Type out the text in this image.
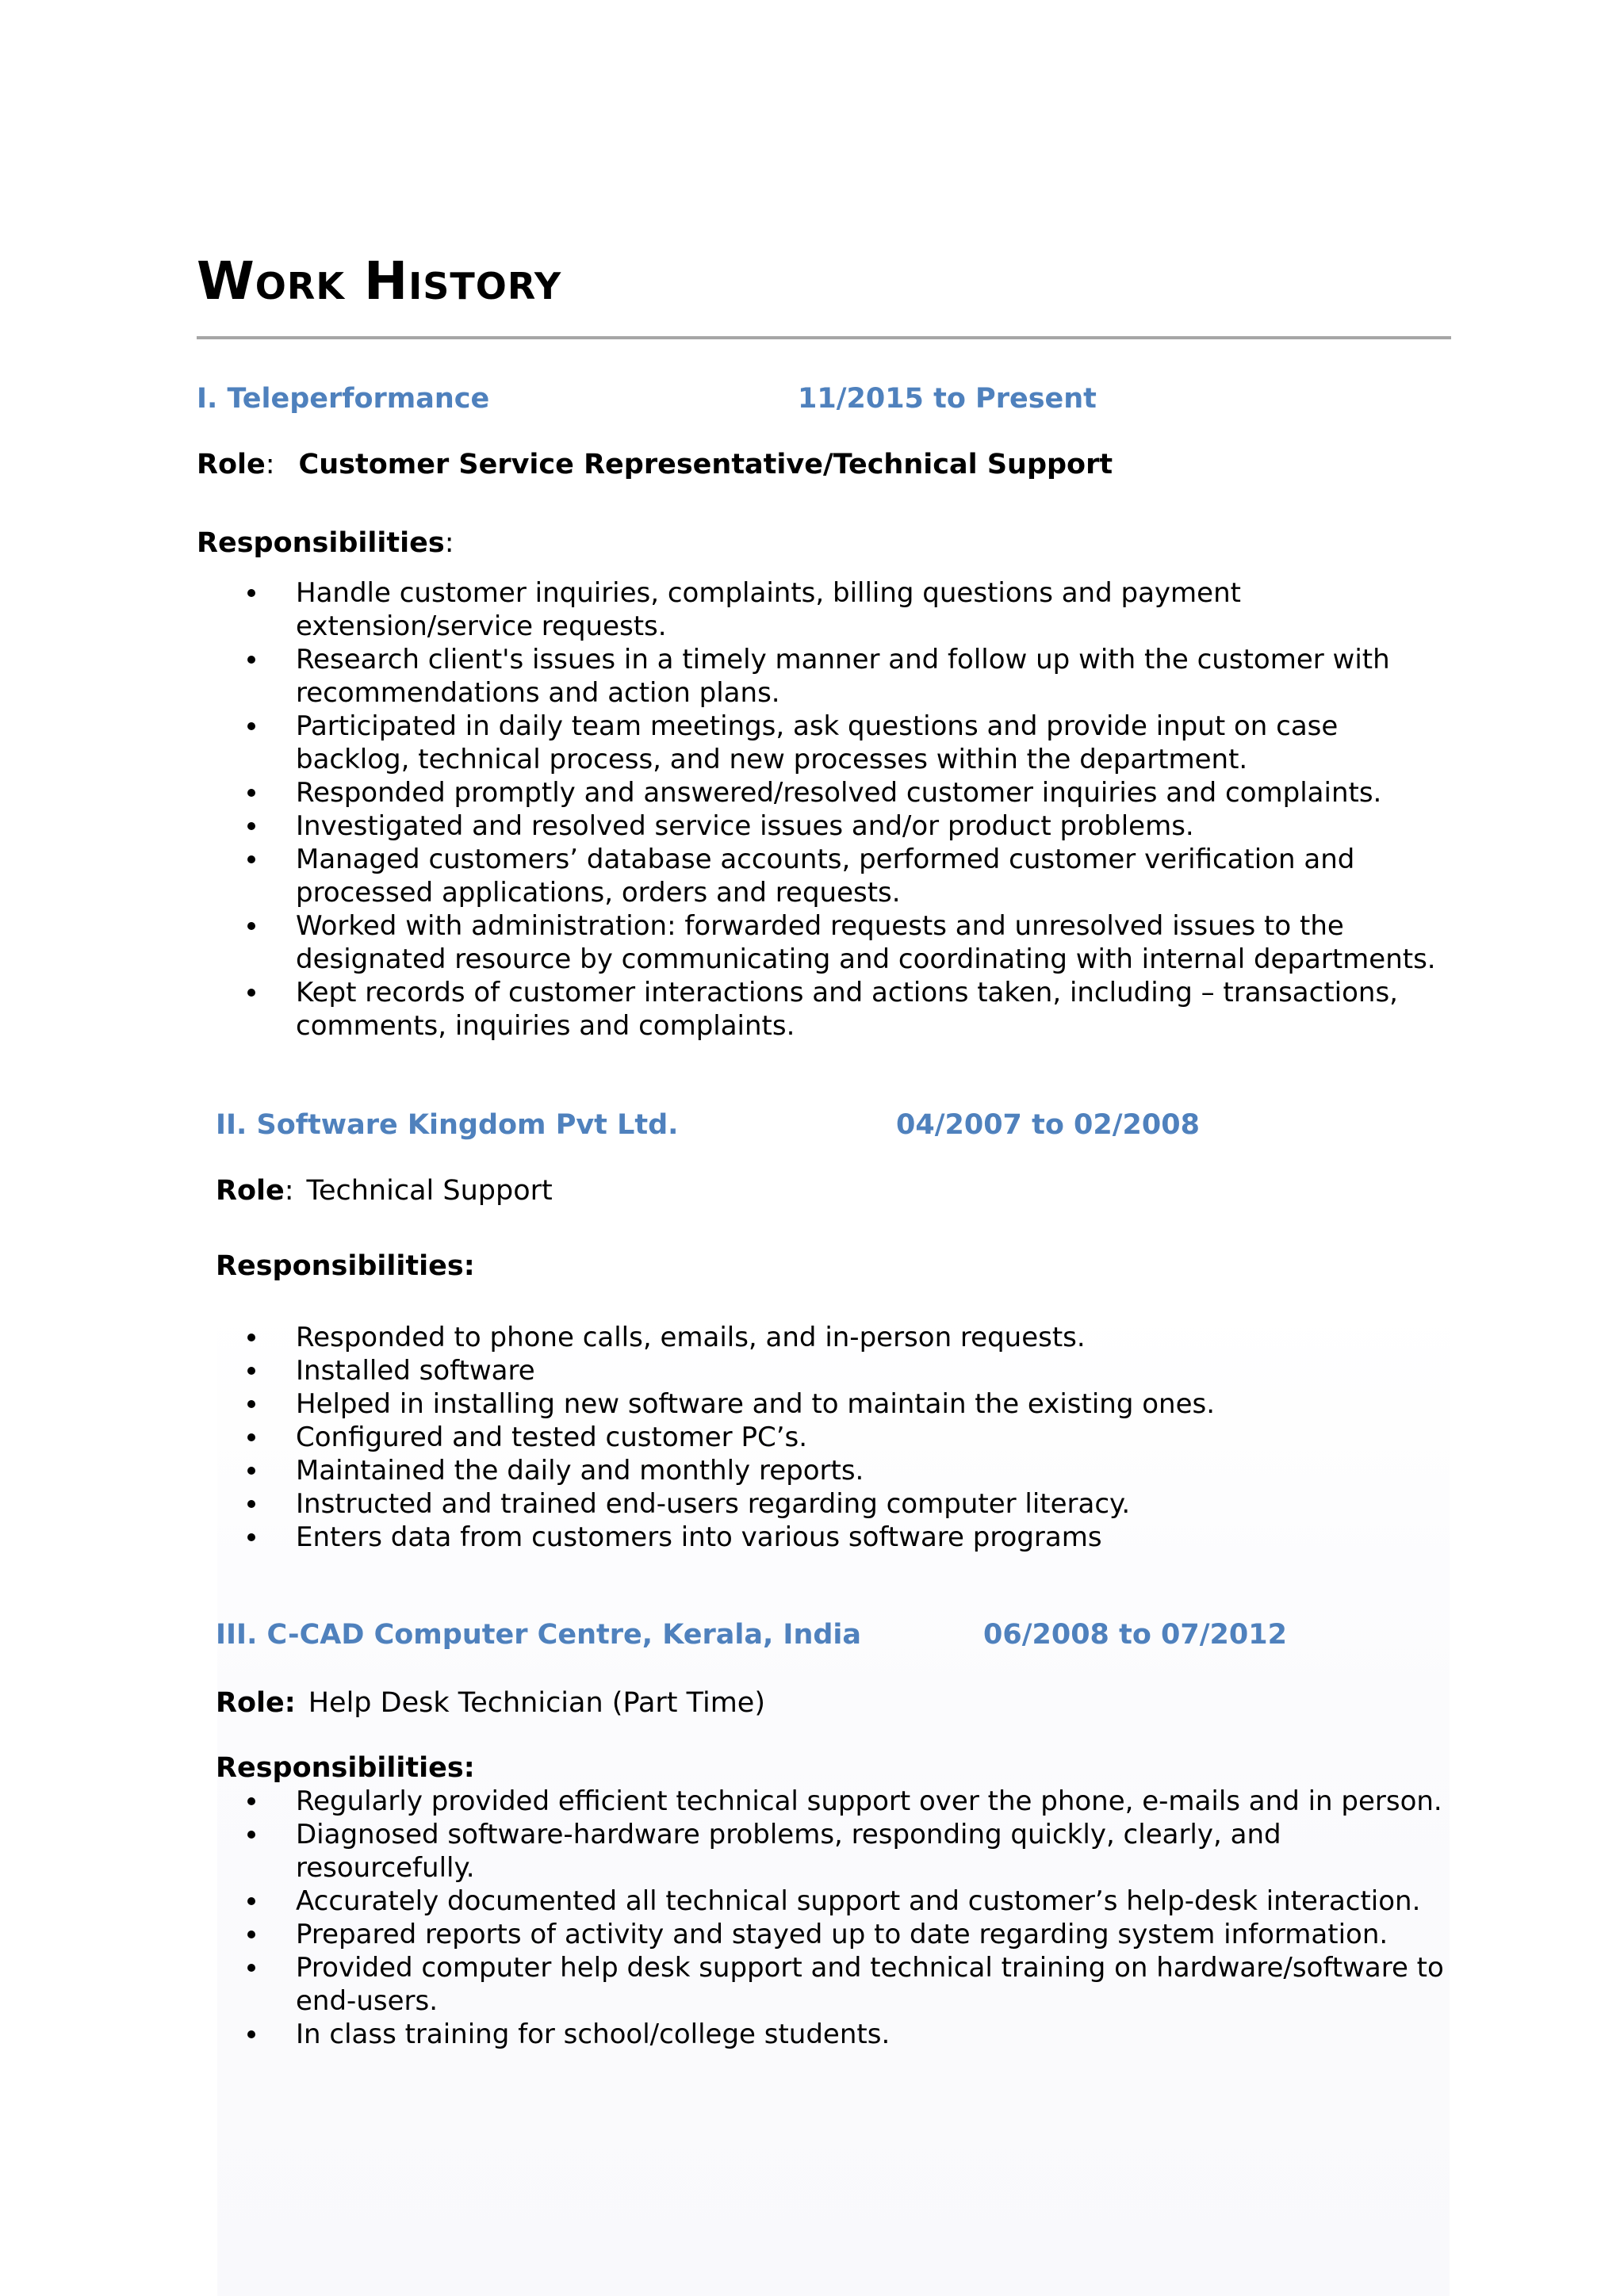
Work History

I. Teleperformance	11/2015 to Present

Role: Customer Service Representative/Technical Support

Responsibilities:

Handle customer inquiries, complaints, billing questions and payment extension/service requests.
Research client's issues in a timely manner and follow up with the customer with recommendations and action plans.
Participated in daily team meetings, ask questions and provide input on case backlog, technical process, and new processes within the department.
Responded promptly and answered/resolved customer inquiries and complaints.
Investigated and resolved service issues and/or product problems.
Managed customers’ database accounts, performed customer verification and processed applications, orders and requests.
Worked with administration: forwarded requests and unresolved issues to the designated resource by communicating and coordinating with internal departments.
Kept records of customer interactions and actions taken, including – transactions, comments, inquiries and complaints.

II. Software Kingdom Pvt Ltd.	04/2007 to 02/2008

Role: Technical Support

Responsibilities:

Responded to phone calls, emails, and in-person requests.
Installed software
Helped in installing new software and to maintain the existing ones.
Configured and tested customer PC’s.
Maintained the daily and monthly reports.
Instructed and trained end-users regarding computer literacy.
Enters data from customers into various software programs

III. C-CAD Computer Centre, Kerala, India	06/2008 to 07/2012

Role: Help Desk Technician (Part Time)

Responsibilities:

Regularly provided efficient technical support over the phone, e-mails and in person.
Diagnosed software-hardware problems, responding quickly, clearly, and resourcefully.
Accurately documented all technical support and customer’s help-desk interaction.
Prepared reports of activity and stayed up to date regarding system information.
Provided computer help desk support and technical training on hardware/software to end-users.
In class training for school/college students.
